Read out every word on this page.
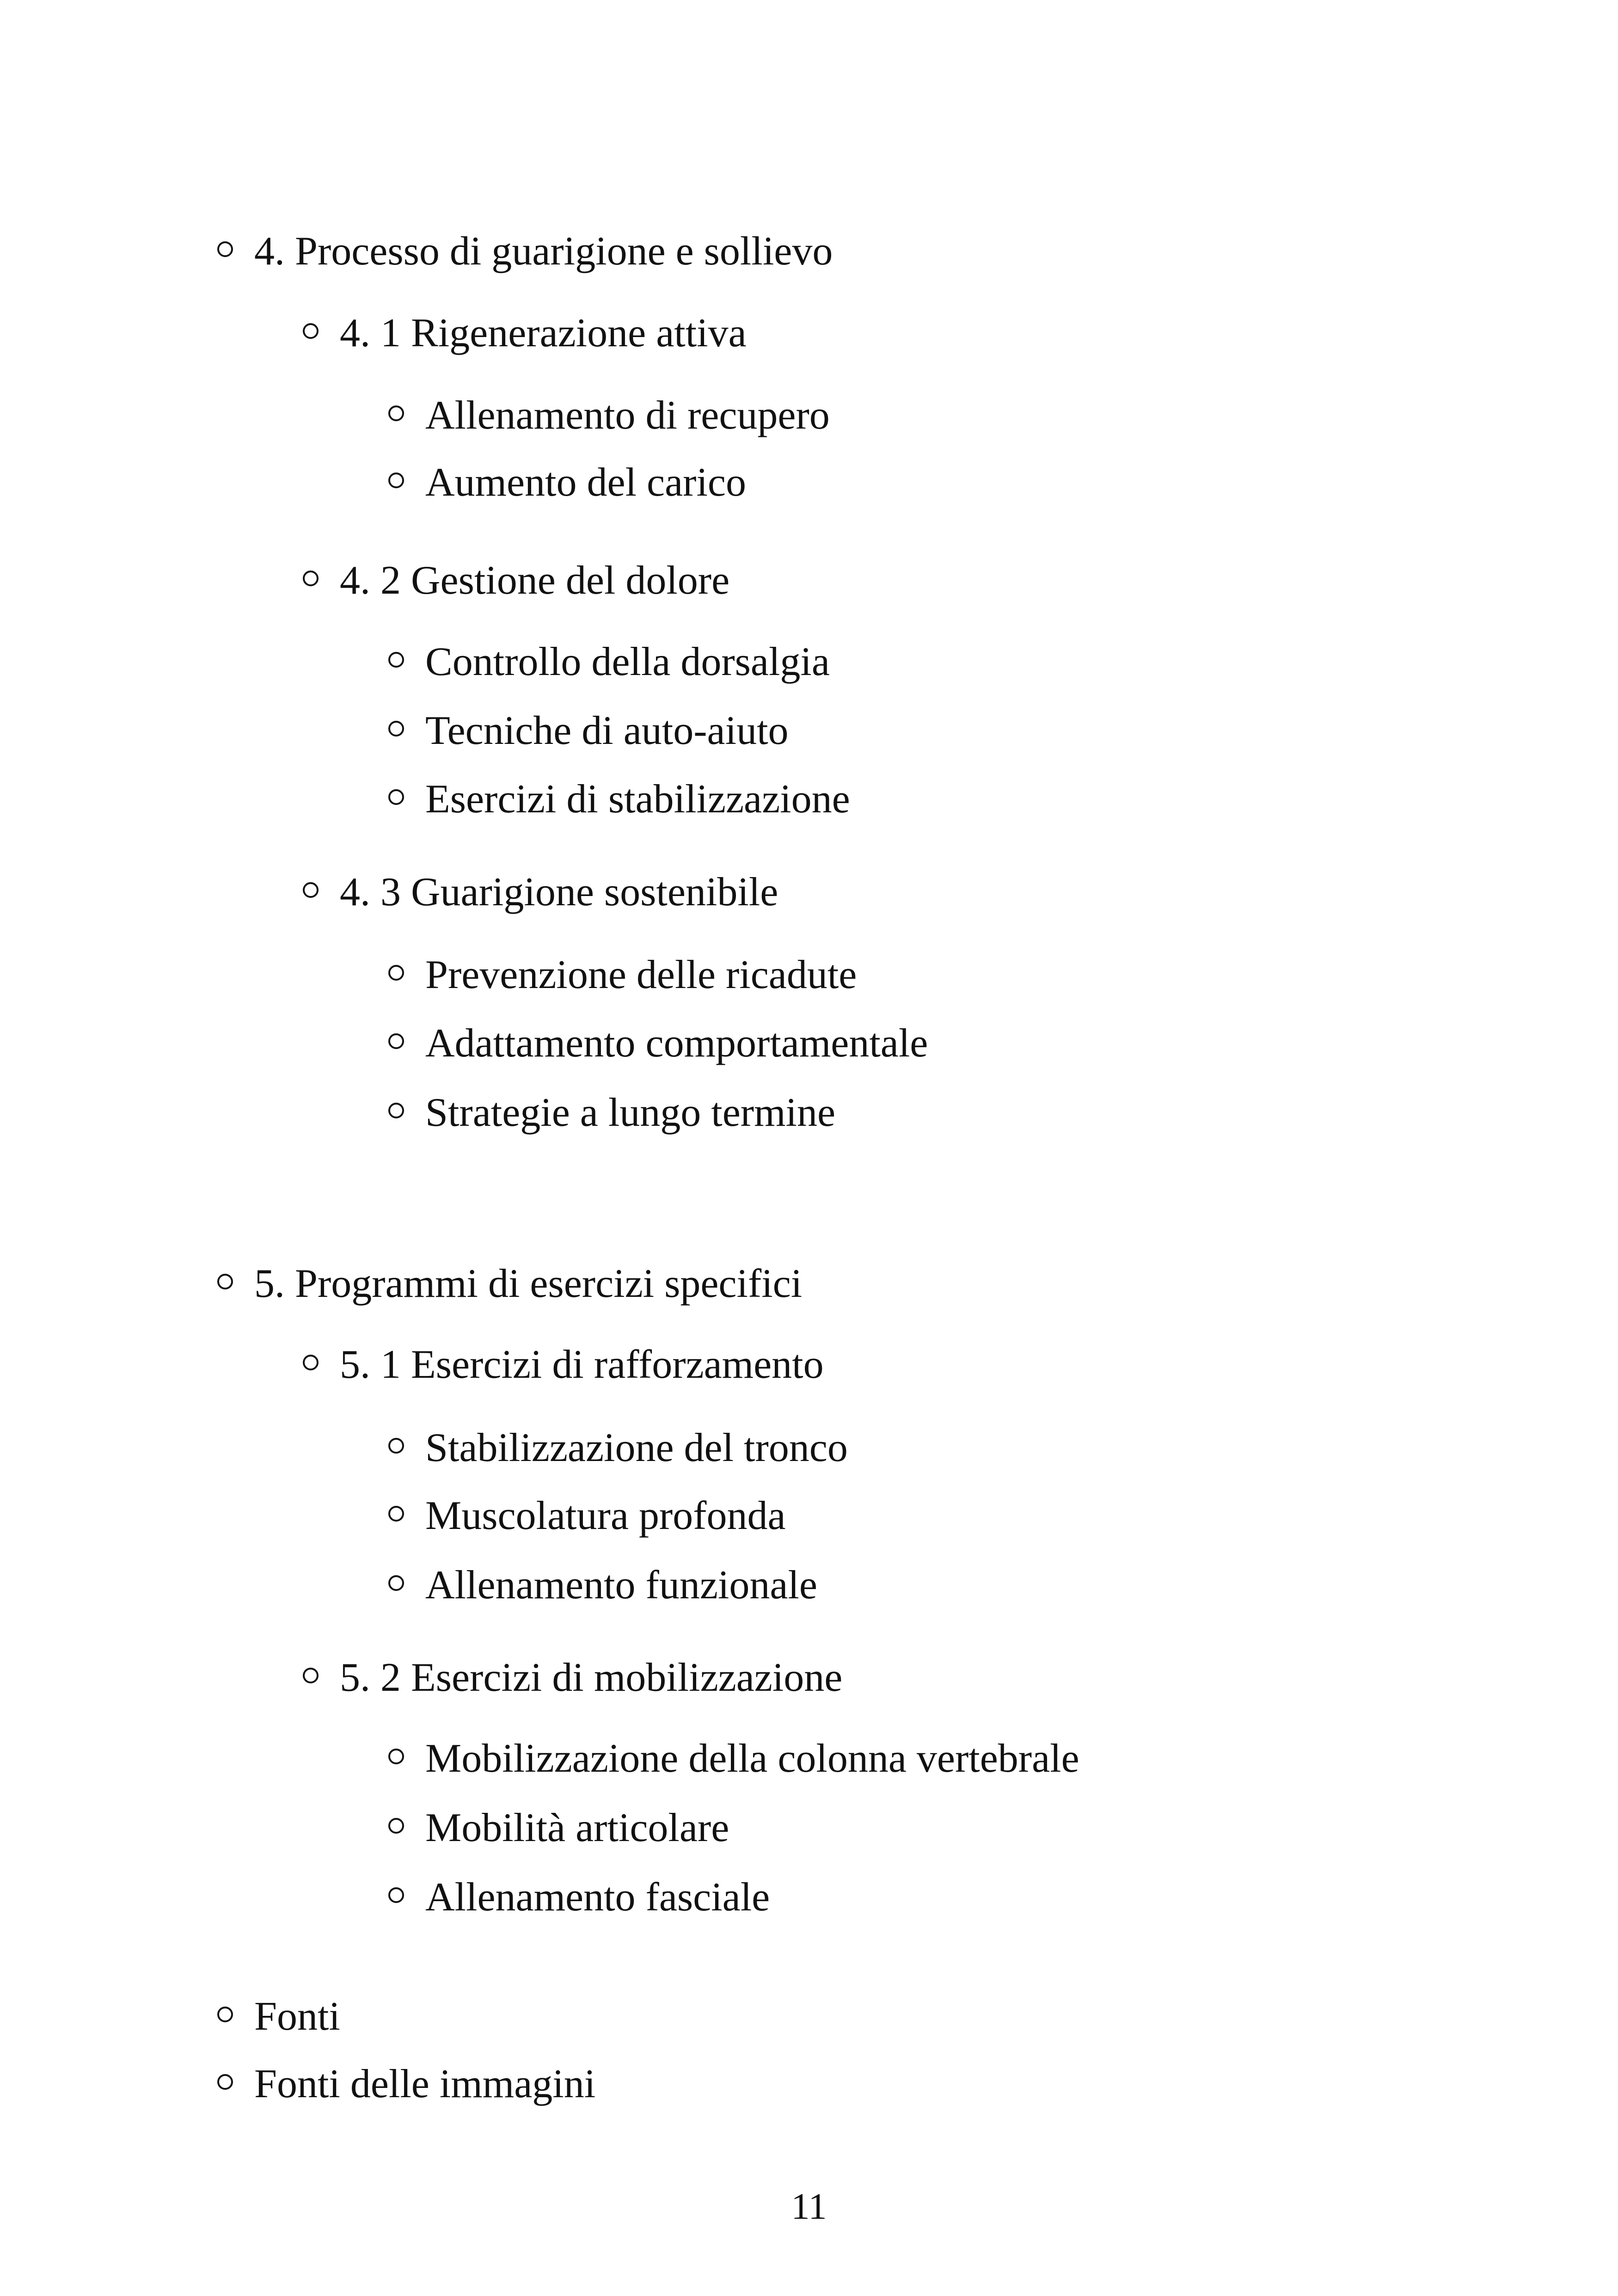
4. Processo di guarigione e sollievo
4. 1 Rigenerazione attiva
Allenamento di recupero
Aumento del carico
4. 2 Gestione del dolore
Controllo della dorsalgia
Tecniche di auto-aiuto
Esercizi di stabilizzazione
4. 3 Guarigione sostenibile
Prevenzione delle ricadute
Adattamento comportamentale
Strategie a lungo termine
5. Programmi di esercizi specifici
5. 1 Esercizi di rafforzamento
Stabilizzazione del tronco
Muscolatura profonda
Allenamento funzionale
5. 2 Esercizi di mobilizzazione
Mobilizzazione della colonna vertebrale
Mobilità articolare
Allenamento fasciale
Fonti
Fonti delle immagini
11
